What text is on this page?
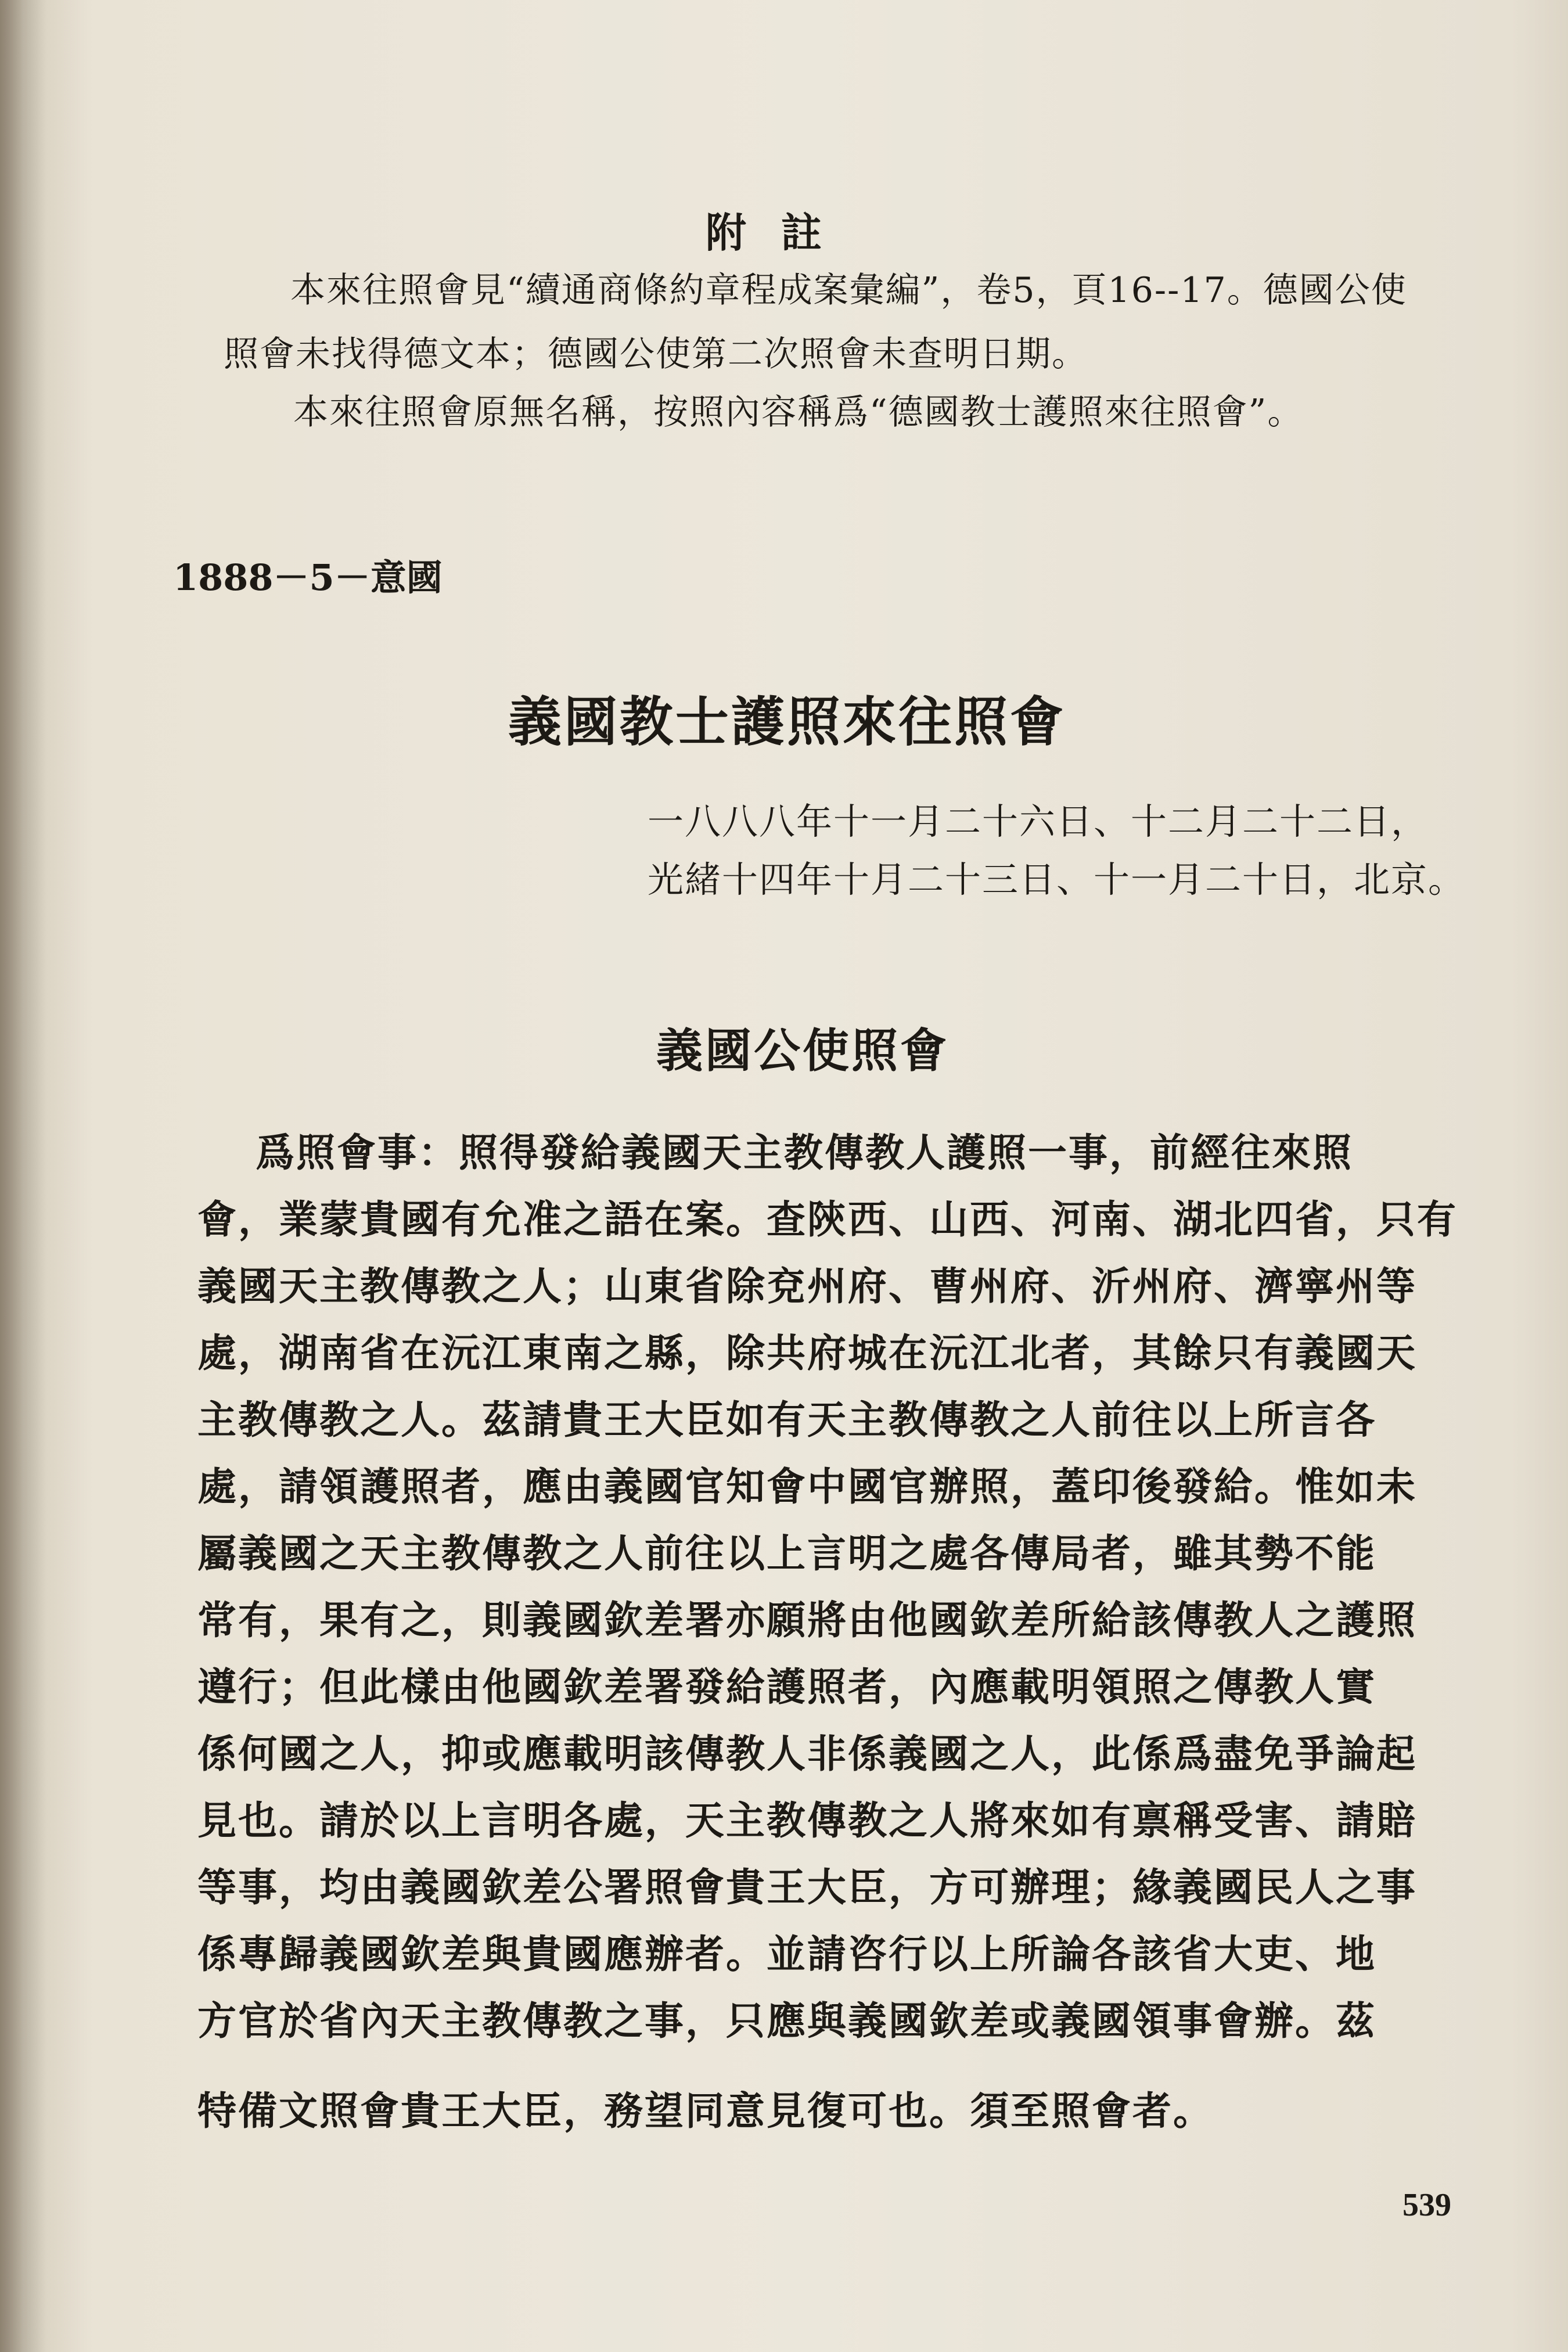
附註
本來往照會見“續通商條約章程成案彙編”，卷5，頁16--17。德國公使
照會未找得德文本；德國公使第二次照會未查明日期。
本來往照會原無名稱，按照內容稱爲“德國教士護照來往照會”。
1888－5－意國
義國教士護照來往照會
一八八八年十一月二十六日、十二月二十二日，
光緒十四年十月二十三日、十一月二十日，北京。
義國公使照會
爲照會事：照得發給義國天主教傳教人護照一事，前經往來照
會，業蒙貴國有允准之語在案。查陝西、山西、河南、湖北四省，只有
義國天主教傳教之人；山東省除兗州府、曹州府、沂州府、濟寧州等
處，湖南省在沅江東南之縣，除共府城在沅江北者，其餘只有義國天
主教傳教之人。茲請貴王大臣如有天主教傳教之人前往以上所言各
處，請領護照者，應由義國官知會中國官辦照，蓋印後發給。惟如未
屬義國之天主教傳教之人前往以上言明之處各傳局者，雖其勢不能
常有，果有之，則義國欽差署亦願將由他國欽差所給該傳教人之護照
遵行；但此樣由他國欽差署發給護照者，內應載明領照之傳教人實
係何國之人，抑或應載明該傳教人非係義國之人，此係爲盡免爭論起
見也。請於以上言明各處，天主教傳教之人將來如有禀稱受害、請賠
等事，均由義國欽差公署照會貴王大臣，方可辦理；緣義國民人之事
係專歸義國欽差與貴國應辦者。並請咨行以上所論各該省大吏、地
方官於省內天主教傳教之事，只應與義國欽差或義國領事會辦。茲
特備文照會貴王大臣，務望同意見復可也。須至照會者。
539
